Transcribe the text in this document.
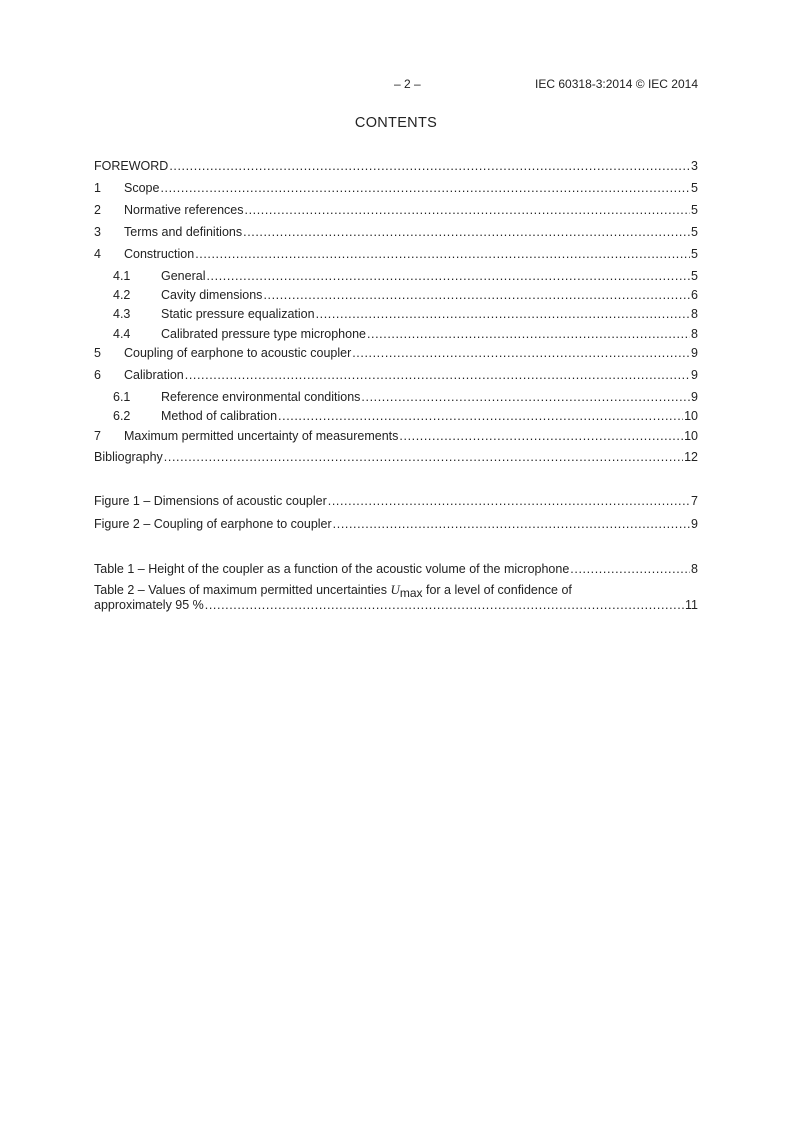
– 2 –	IEC 60318-3:2014 © IEC 2014
CONTENTS
FOREWORD .....	3
1	Scope .....	5
2	Normative references .....	5
3	Terms and definitions .....	5
4	Construction .....	5
4.1	General .....	5
4.2	Cavity dimensions .....	6
4.3	Static pressure equalization .....	8
4.4	Calibrated pressure type microphone .....	8
5	Coupling of earphone to acoustic coupler .....	9
6	Calibration .....	9
6.1	Reference environmental conditions .....	9
6.2	Method of calibration .....	10
7	Maximum permitted uncertainty of measurements .....	10
Bibliography .....	12
Figure 1 – Dimensions of acoustic coupler .....	7
Figure 2 – Coupling of earphone to coupler .....	9
Table 1 – Height of the coupler as a function of the acoustic volume of the microphone .....	8
Table 2 – Values of maximum permitted uncertainties $U_{max}$ for a level of confidence of
approximately 95 % .....	11
